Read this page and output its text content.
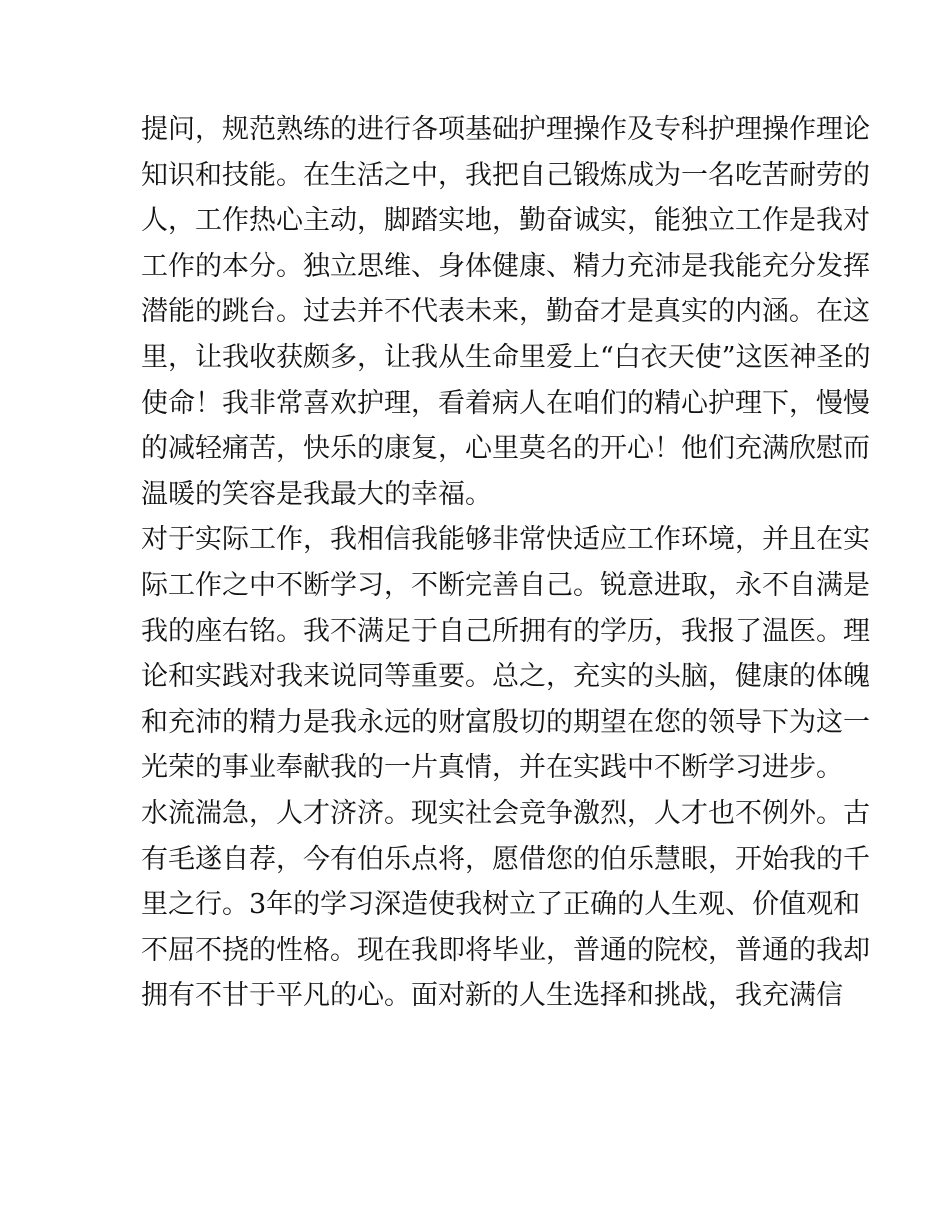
提问，规范熟练的进行各项基础护理操作及专科护理操作理论
知识和技能。在生活之中，我把自己锻炼成为一名吃苦耐劳的
人，工作热心主动，脚踏实地，勤奋诚实，能独立工作是我对
工作的本分。独立思维、身体健康、精力充沛是我能充分发挥
潜能的跳台。过去并不代表未来，勤奋才是真实的内涵。在这
里，让我收获颇多，让我从生命里爱上“白衣天使”这医神圣的
使命！我非常喜欢护理，看着病人在咱们的精心护理下，慢慢
的减轻痛苦，快乐的康复，心里莫名的开心！他们充满欣慰而
温暖的笑容是我最大的幸福。
对于实际工作，我相信我能够非常快适应工作环境，并且在实
际工作之中不断学习，不断完善自己。锐意进取，永不自满是
我的座右铭。我不满足于自己所拥有的学历，我报了温医。理
论和实践对我来说同等重要。总之，充实的头脑，健康的体魄
和充沛的精力是我永远的财富殷切的期望在您的领导下为这一
光荣的事业奉献我的一片真情，并在实践中不断学习进步。
水流湍急，人才济济。现实社会竞争激烈，人才也不例外。古
有毛遂自荐，今有伯乐点将，愿借您的伯乐慧眼，开始我的千
里之行。3年的学习深造使我树立了正确的人生观、价值观和
不屈不挠的性格。现在我即将毕业，普通的院校，普通的我却
拥有不甘于平凡的心。面对新的人生选择和挑战，我充满信
